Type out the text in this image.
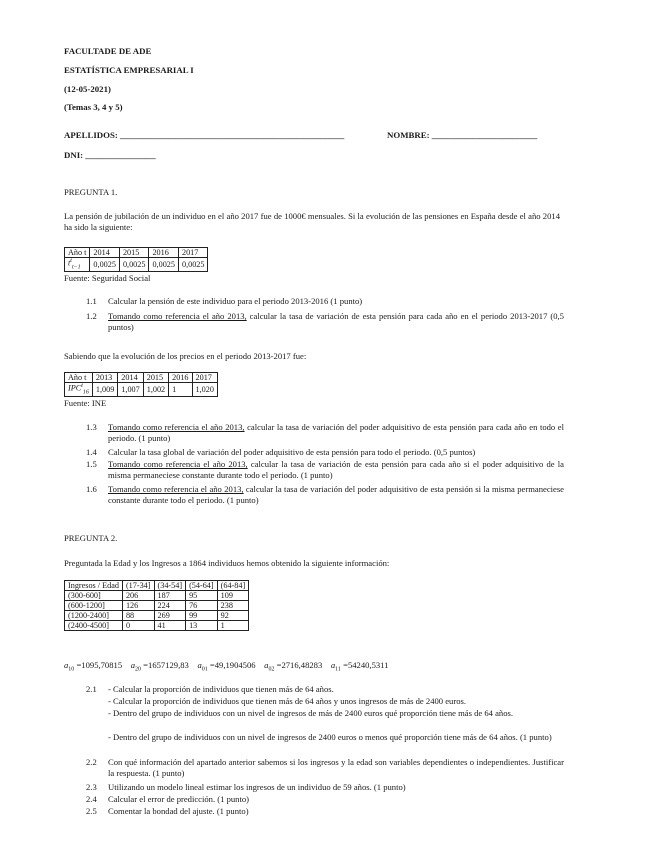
FACULTADE DE ADE
ESTATÍSTICA EMPRESARIAL I
(12-05-2021)
(Temas 3, 4 y 5)
APELLIDOS: ___________________________________________________	NOMBRE: ________________________
DNI: ________________
PREGUNTA 1.
La pensión de jubilación de un individuo en el año 2017 fue de 1000€ mensuales. Si la evolución de las pensiones en España desde el año 2014 ha sido la siguiente:
Año t	2014	2015	2016	2017
$t^t_{t-1}$	0,0025	0,0025	0,0025	0,0025
Fuente: Seguridad Social
1.1 Calcular la pensión de este individuo para el periodo 2013-2016 (1 punto)
1.2 Tomando como referencia el año 2013, calcular la tasa de variación de esta pensión para cada año en el periodo 2013-2017 (0,5 puntos)
Sabiendo que la evolución de los precios en el periodo 2013-2017 fue:
Año t	2013	2014	2015	2016	2017
$IPC^t_{16}$	1,009	1,007	1,002	1	1,020
Fuente: INE
1.3 Tomando como referencia el año 2013, calcular la tasa de variación del poder adquisitivo de esta pensión para cada año en todo el periodo. (1 punto)
1.4 Calcular la tasa global de variación del poder adquisitivo de esta pensión para todo el periodo. (0,5 puntos)
1.5 Tomando como referencia el año 2013, calcular la tasa de variación de esta pensión para cada año si el poder adquisitivo de la misma permaneciese constante durante todo el periodo. (1 punto)
1.6 Tomando como referencia el año 2013, calcular la tasa de variación del poder adquisitivo de esta pensión si la misma permaneciese constante durante todo el periodo. (1 punto)
PREGUNTA 2.
Preguntada la Edad y los Ingresos a 1864 individuos hemos obtenido la siguiente información:
Ingresos / Edad	(17-34]	(34-54]	(54-64]	(64-84]
(300-600]	206	187	95	109
(600-1200]	126	224	76	238
(1200-2400]	88	269	99	92
(2400-4500]	0	41	13	1
$a_{10} =1095,70815$ $a_{20} =1657129,83$ $a_{01} =49,1904506$ $a_{02} =2716,48283$ $a_{11} =54240,5311$
2.1 - Calcular la proporción de individuos que tienen más de 64 años.
- Calcular la proporción de individuos que tienen más de 64 años y unos ingresos de más de 2400 euros.
- Dentro del grupo de individuos con un nivel de ingresos de más de 2400 euros qué proporción tiene más de 64 años.
- Dentro del grupo de individuos con un nivel de ingresos de 2400 euros o menos qué proporción tiene más de 64 años. (1 punto)
2.2 Con qué información del apartado anterior sabemos si los ingresos y la edad son variables dependientes o independientes. Justificar la respuesta. (1 punto)
2.3 Utilizando un modelo lineal estimar los ingresos de un individuo de 59 años. (1 punto)
2.4 Calcular el error de predicción. (1 punto)
2.5 Comentar la bondad del ajuste. (1 punto)
